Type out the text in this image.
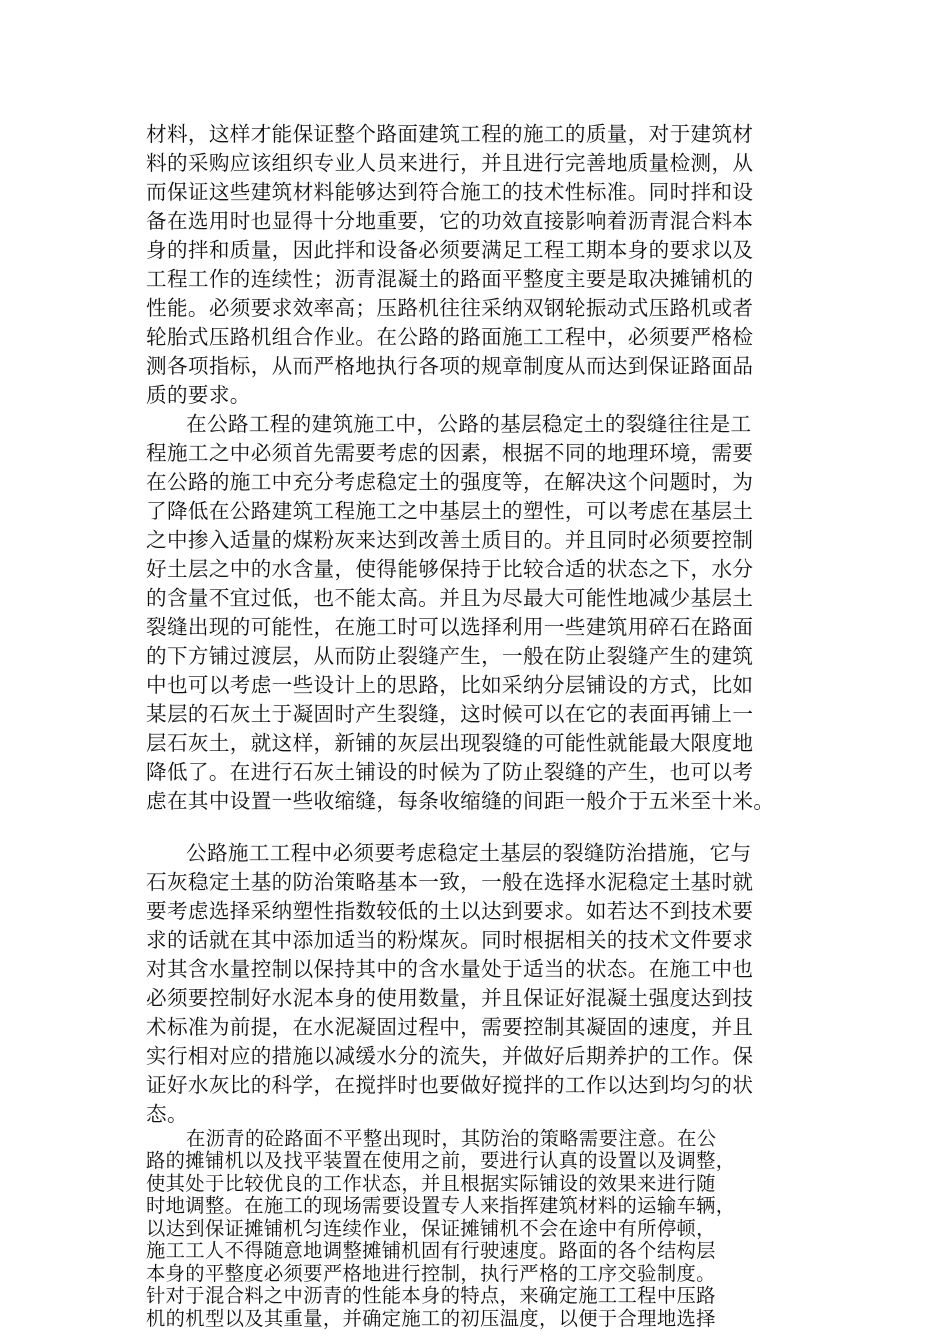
材料，这样才能保证整个路面建筑工程的施工的质量，对于建筑材
料的采购应该组织专业人员来进行，并且进行完善地质量检测，从
而保证这些建筑材料能够达到符合施工的技术性标准。同时拌和设
备在选用时也显得十分地重要，它的功效直接影响着沥青混合料本
身的拌和质量，因此拌和设备必须要满足工程工期本身的要求以及
工程工作的连续性；沥青混凝土的路面平整度主要是取决摊铺机的
性能。必须要求效率高；压路机往往采纳双钢轮振动式压路机或者
轮胎式压路机组合作业。在公路的路面施工工程中，必须要严格检
测各项指标，从而严格地执行各项的规章制度从而达到保证路面品
质的要求。
在公路工程的建筑施工中，公路的基层稳定土的裂缝往往是工
程施工之中必须首先需要考虑的因素，根据不同的地理环境，需要
在公路的施工中充分考虑稳定土的强度等，在解决这个问题时，为
了降低在公路建筑工程施工之中基层土的塑性，可以考虑在基层土
之中掺入适量的煤粉灰来达到改善土质目的。并且同时必须要控制
好土层之中的水含量，使得能够保持于比较合适的状态之下，水分
的含量不宜过低，也不能太高。并且为尽最大可能性地减少基层土
裂缝出现的可能性，在施工时可以选择利用一些建筑用碎石在路面
的下方铺过渡层，从而防止裂缝产生，一般在防止裂缝产生的建筑
中也可以考虑一些设计上的思路，比如采纳分层铺设的方式，比如
某层的石灰土于凝固时产生裂缝，这时候可以在它的表面再铺上一
层石灰土，就这样，新铺的灰层出现裂缝的可能性就能最大限度地
降低了。在进行石灰土铺设的时候为了防止裂缝的产生，也可以考
虑在其中设置一些收缩缝，每条收缩缝的间距一般介于五米至十米。
公路施工工程中必须要考虑稳定土基层的裂缝防治措施，它与
石灰稳定土基的防治策略基本一致，一般在选择水泥稳定土基时就
要考虑选择采纳塑性指数较低的土以达到要求。如若达不到技术要
求的话就在其中添加适当的粉煤灰。同时根据相关的技术文件要求
对其含水量控制以保持其中的含水量处于适当的状态。在施工中也
必须要控制好水泥本身的使用数量，并且保证好混凝土强度达到技
术标准为前提，在水泥凝固过程中，需要控制其凝固的速度，并且
实行相对应的措施以减缓水分的流失，并做好后期养护的工作。保
证好水灰比的科学，在搅拌时也要做好搅拌的工作以达到均匀的状
态。
在沥青的砼路面不平整出现时，其防治的策略需要注意。在公
路的摊铺机以及找平装置在使用之前，要进行认真的设置以及调整，
使其处于比较优良的工作状态，并且根据实际铺设的效果来进行随
时地调整。在施工的现场需要设置专人来指挥建筑材料的运输车辆，
以达到保证摊铺机匀连续作业，保证摊铺机不会在途中有所停顿，
施工工人不得随意地调整摊铺机固有行驶速度。路面的各个结构层
本身的平整度必须要严格地进行控制，执行严格的工序交验制度。
针对于混合料之中沥青的性能本身的特点，来确定施工工程中压路
机的机型以及其重量，并确定施工的初压温度，以便于合理地选择
